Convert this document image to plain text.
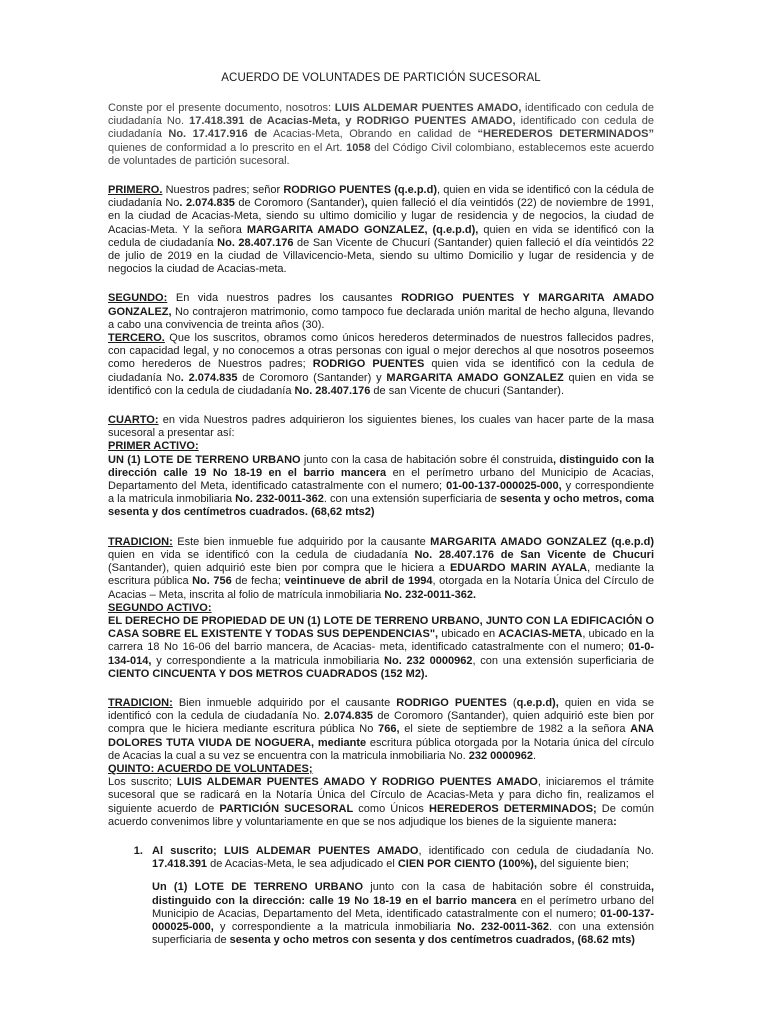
ACUERDO DE VOLUNTADES DE PARTICIÓN SUCESORAL

Conste por el presente documento, nosotros: LUIS ALDEMAR PUENTES AMADO, identificado con cedula de ciudadanía No. 17.418.391 de Acacias-Meta, y RODRIGO PUENTES AMADO, identificado con cedula de ciudadanía No. 17.417.916 de Acacias-Meta, Obrando en calidad de “HEREDEROS DETERMINADOS” quienes de conformidad a lo prescrito en el Art. 1058 del Código Civil colombiano, establecemos este acuerdo de voluntades de partición sucesoral.

PRIMERO. Nuestros padres; señor RODRIGO PUENTES (q.e.p.d), quien en vida se identificó con la cédula de ciudadanía No. 2.074.835 de Coromoro (Santander), quien falleció el día veintidós (22) de noviembre de 1991, en la ciudad de Acacias-Meta, siendo su ultimo domicilio y lugar de residencia y de negocios, la ciudad de Acacias-Meta. Y la señora MARGARITA AMADO GONZALEZ, (q.e.p.d), quien en vida se identificó con la cedula de ciudadanía No. 28.407.176 de San Vicente de Chucurí (Santander) quien falleció el día veintidós 22 de julio de 2019 en la ciudad de Villavicencio-Meta, siendo su ultimo Domicilio y lugar de residencia y de negocios la ciudad de Acacias-meta.

SEGUNDO: En vida nuestros padres los causantes RODRIGO PUENTES Y MARGARITA AMADO GONZALEZ, No contrajeron matrimonio, como tampoco fue declarada unión marital de hecho alguna, llevando a cabo una convivencia de treinta años (30).

TERCERO. Que los suscritos, obramos como únicos herederos determinados de nuestros fallecidos padres, con capacidad legal, y no conocemos a otras personas con igual o mejor derechos al que nosotros poseemos como herederos de Nuestros padres; RODRIGO PUENTES quien vida se identificó con la cedula de ciudadanía No. 2.074.835 de Coromoro (Santander) y MARGARITA AMADO GONZALEZ quien en vida se identificó con la cedula de ciudadanía No. 28.407.176 de san Vicente de chucuri (Santander).

CUARTO: en vida Nuestros padres adquirieron los siguientes bienes, los cuales van hacer parte de la masa sucesoral a presentar así:

PRIMER ACTIVO:

UN (1) LOTE DE TERRENO URBANO junto con la casa de habitación sobre él construida, distinguido con la dirección calle 19 No 18-19 en el barrio mancera en el perímetro urbano del Municipio de Acacias, Departamento del Meta, identificado catastralmente con el numero; 01-00-137-000025-000, y correspondiente a la matricula inmobiliaria No. 232-0011-362. con una extensión superficiaria de sesenta y ocho metros, coma sesenta y dos centímetros cuadrados. (68,62 mts2)

TRADICION: Este bien inmueble fue adquirido por la causante MARGARITA AMADO GONZALEZ (q.e.p.d) quien en vida se identificó con la cedula de ciudadanía No. 28.407.176 de San Vicente de Chucuri (Santander), quien adquirió este bien por compra que le hiciera a EDUARDO MARIN AYALA, mediante la escritura pública No. 756 de fecha; veintinueve de abril de 1994, otorgada en la Notaría Única del Círculo de Acacias – Meta, inscrita al folio de matrícula inmobiliaria No. 232-0011-362.

SEGUNDO ACTIVO:

EL DERECHO DE PROPIEDAD DE UN (1) LOTE DE TERRENO URBANO, JUNTO CON LA EDIFICACIÓN O CASA SOBRE EL EXISTENTE Y TODAS SUS DEPENDENCIAS", ubicado en ACACIAS-META, ubicado en la carrera 18 No 16-06 del barrio mancera, de Acacias- meta, identificado catastralmente con el numero; 01-0-134-014, y correspondiente a la matricula inmobiliaria No. 232 0000962, con una extensión superficiaria de CIENTO CINCUENTA Y DOS METROS CUADRADOS (152 M2).

TRADICION: Bien inmueble adquirido por el causante RODRIGO PUENTES (q.e.p.d), quien en vida se identificó con la cedula de ciudadanía No. 2.074.835 de Coromoro (Santander), quien adquirió este bien por compra que le hiciera mediante escritura pública No 766, el siete de septiembre de 1982 a la señora ANA DOLORES TUTA VIUDA DE NOGUERA, mediante escritura pública otorgada por la Notaria única del círculo de Acacias la cual a su vez se encuentra con la matricula inmobiliaria No. 232 0000962.

QUINTO: ACUERDO DE VOLUNTADES;

Los suscrito; LUIS ALDEMAR PUENTES AMADO Y RODRIGO PUENTES AMADO, iniciaremos el trámite sucesoral que se radicará en la Notaría Única del Círculo de Acacias-Meta y para dicho fin, realizamos el siguiente acuerdo de PARTICIÓN SUCESORAL como Únicos HEREDEROS DETERMINADOS; De común acuerdo convenimos libre y voluntariamente en que se nos adjudique los bienes de la siguiente manera:

1. Al suscrito; LUIS ALDEMAR PUENTES AMADO, identificado con cedula de ciudadanía No. 17.418.391 de Acacias-Meta, le sea adjudicado el CIEN POR CIENTO (100%), del siguiente bien;

Un (1) LOTE DE TERRENO URBANO junto con la casa de habitación sobre él construida, distinguido con la dirección: calle 19 No 18-19 en el barrio mancera en el perímetro urbano del Municipio de Acacias, Departamento del Meta, identificado catastralmente con el numero; 01-00-137-000025-000, y correspondiente a la matricula inmobiliaria No. 232-0011-362. con una extensión superficiaria de sesenta y ocho metros con sesenta y dos centímetros cuadrados, (68.62 mts)
